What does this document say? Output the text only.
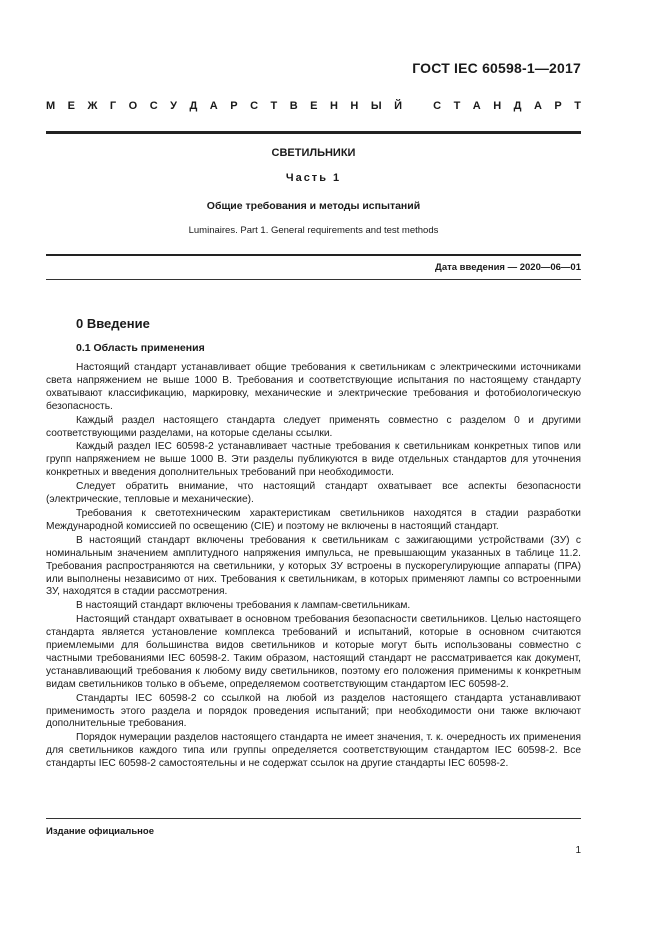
ГОСТ IEC 60598-1—2017
М Е Ж Г О С У Д А Р С Т В Е Н Н Ы Й
	С Т А Н Д А Р Т
СВЕТИЛЬНИКИ
Часть 1
Общие требования и методы испытаний
Luminaires. Part 1. General requirements and test methods
Дата введения — 2020—06—01
0 Введение
0.1 Область применения

Настоящий стандарт устанавливает общие требования к светильникам с электрическими источниками света напряжением не выше 1000 В. Требования и соответствующие испытания по настоящему стандарту охватывают классификацию, маркировку, механические и электрические требования и фотобиологическую безопасность.

Каждый раздел настоящего стандарта следует применять совместно с разделом 0 и другими соответствующими разделами, на которые сделаны ссылки.

Каждый раздел IEC 60598-2 устанавливает частные требования к светильникам конкретных типов или групп напряжением не выше 1000 В. Эти разделы публикуются в виде отдельных стандартов для уточнения конкретных и введения дополнительных требований при необходимости.

Следует обратить внимание, что настоящий стандарт охватывает все аспекты безопасности (электрические, тепловые и механические).

Требования к светотехническим характеристикам светильников находятся в стадии разработки Международной комиссией по освещению (CIE) и поэтому не включены в настоящий стандарт.

В настоящий стандарт включены требования к светильникам с зажигающими устройствами (ЗУ) с номинальным значением амплитудного напряжения импульса, не превышающим указанных в таблице 11.2. Требования распространяются на светильники, у которых ЗУ встроены в пускорегулирующие аппараты (ПРА) или выполнены независимо от них. Требования к светильникам, в которых применяют лампы со встроенными ЗУ, находятся в стадии рассмотрения.

В настоящий стандарт включены требования к лампам-светильникам.

Настоящий стандарт охватывает в основном требования безопасности светильников. Целью настоящего стандарта является установление комплекса требований и испытаний, которые в основном считаются приемлемыми для большинства видов светильников и которые могут быть использованы совместно с частными требованиями IEC 60598-2. Таким образом, настоящий стандарт не рассматривается как документ, устанавливающий требования к любому виду светильников, поэтому его положения применимы к конкретным видам светильников только в объеме, определяемом соответствующим стандартом IEC 60598-2.

Стандарты IEC 60598-2 со ссылкой на любой из разделов настоящего стандарта устанавливают применимость этого раздела и порядок проведения испытаний; при необходимости они также включают дополнительные требования.

Порядок нумерации разделов настоящего стандарта не имеет значения, т. к. очередность их применения для светильников каждого типа или группы определяется соответствующим стандартом IEC 60598-2. Все стандарты IEC 60598-2 самостоятельны и не содержат ссылок на другие стандарты IEC 60598-2.

Издание официальное
1
